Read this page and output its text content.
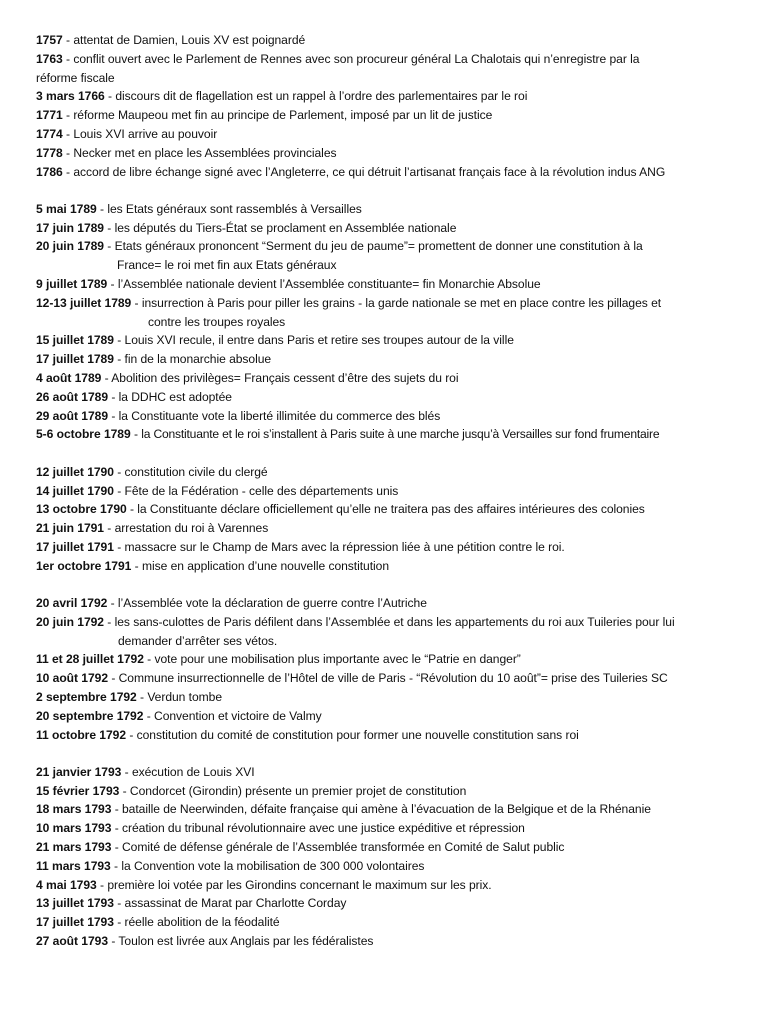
1757 - attentat de Damien, Louis XV est poignardé
1763 - conflit ouvert avec le Parlement de Rennes avec son procureur général La Chalotais qui n’enregistre par la
réforme fiscale
3 mars 1766 - discours dit de flagellation est un rappel à l’ordre des parlementaires par le roi
1771 - réforme Maupeou met fin au principe de Parlement, imposé par un lit de justice
1774 - Louis XVI arrive au pouvoir
1778 - Necker met en place les Assemblées provinciales
1786 - accord de libre échange signé avec l’Angleterre, ce qui détruit l’artisanat français face à la révolution indus ANG
5 mai 1789 - les Etats généraux sont rassemblés à Versailles
17 juin 1789 - les députés du Tiers-État se proclament en Assemblée nationale
20 juin 1789 - Etats généraux prononcent “Serment du jeu de paume”= promettent de donner une constitution à la
France= le roi met fin aux Etats généraux
9 juillet 1789 - l’Assemblée nationale devient l’Assemblée constituante= fin Monarchie Absolue
12-13 juillet 1789 - insurrection à Paris pour piller les grains - la garde nationale se met en place contre les pillages et
contre les troupes royales
15 juillet 1789 - Louis XVI recule, il entre dans Paris et retire ses troupes autour de la ville
17 juillet 1789 - fin de la monarchie absolue
4 août 1789 - Abolition des privilèges= Français cessent d’être des sujets du roi
26 août 1789 - la DDHC est adoptée
29 août 1789 - la Constituante vote la liberté illimitée du commerce des blés
5-6 octobre 1789 - la Constituante et le roi s’installent à Paris suite à une marche jusqu’à Versailles sur fond frumentaire
12 juillet 1790 - constitution civile du clergé
14 juillet 1790 - Fête de la Fédération - celle des départements unis
13 octobre 1790 - la Constituante déclare officiellement qu’elle ne traitera pas des affaires intérieures des colonies
21 juin 1791 - arrestation du roi à Varennes
17 juillet 1791 - massacre sur le Champ de Mars avec la répression liée à une pétition contre le roi.
1er octobre 1791 - mise en application d’une nouvelle constitution
20 avril 1792 - l’Assemblée vote la déclaration de guerre contre l’Autriche
20 juin 1792 - les sans-culottes de Paris défilent dans l’Assemblée et dans les appartements du roi aux Tuileries pour lui
demander d’arrêter ses vétos.
11 et 28 juillet 1792 - vote pour une mobilisation plus importante avec le “Patrie en danger”
10 août 1792 - Commune insurrectionnelle de l’Hôtel de ville de Paris - “Révolution du 10 août”= prise des Tuileries SC
2 septembre 1792 - Verdun tombe
20 septembre 1792 - Convention et victoire de Valmy
11 octobre 1792 - constitution du comité de constitution pour former une nouvelle constitution sans roi
21 janvier 1793 - exécution de Louis XVI
15 février 1793 - Condorcet (Girondin) présente un premier projet de constitution
18 mars 1793 - bataille de Neerwinden, défaite française qui amène à l’évacuation de la Belgique et de la Rhénanie
10 mars 1793 - création du tribunal révolutionnaire avec une justice expéditive et répression
21 mars 1793 - Comité de défense générale de l’Assemblée transformée en Comité de Salut public
11 mars 1793 - la Convention vote la mobilisation de 300 000 volontaires
4 mai 1793 - première loi votée par les Girondins concernant le maximum sur les prix.
13 juillet 1793 - assassinat de Marat par Charlotte Corday
17 juillet 1793 - réelle abolition de la féodalité
27 août 1793 - Toulon est livrée aux Anglais par les fédéralistes
